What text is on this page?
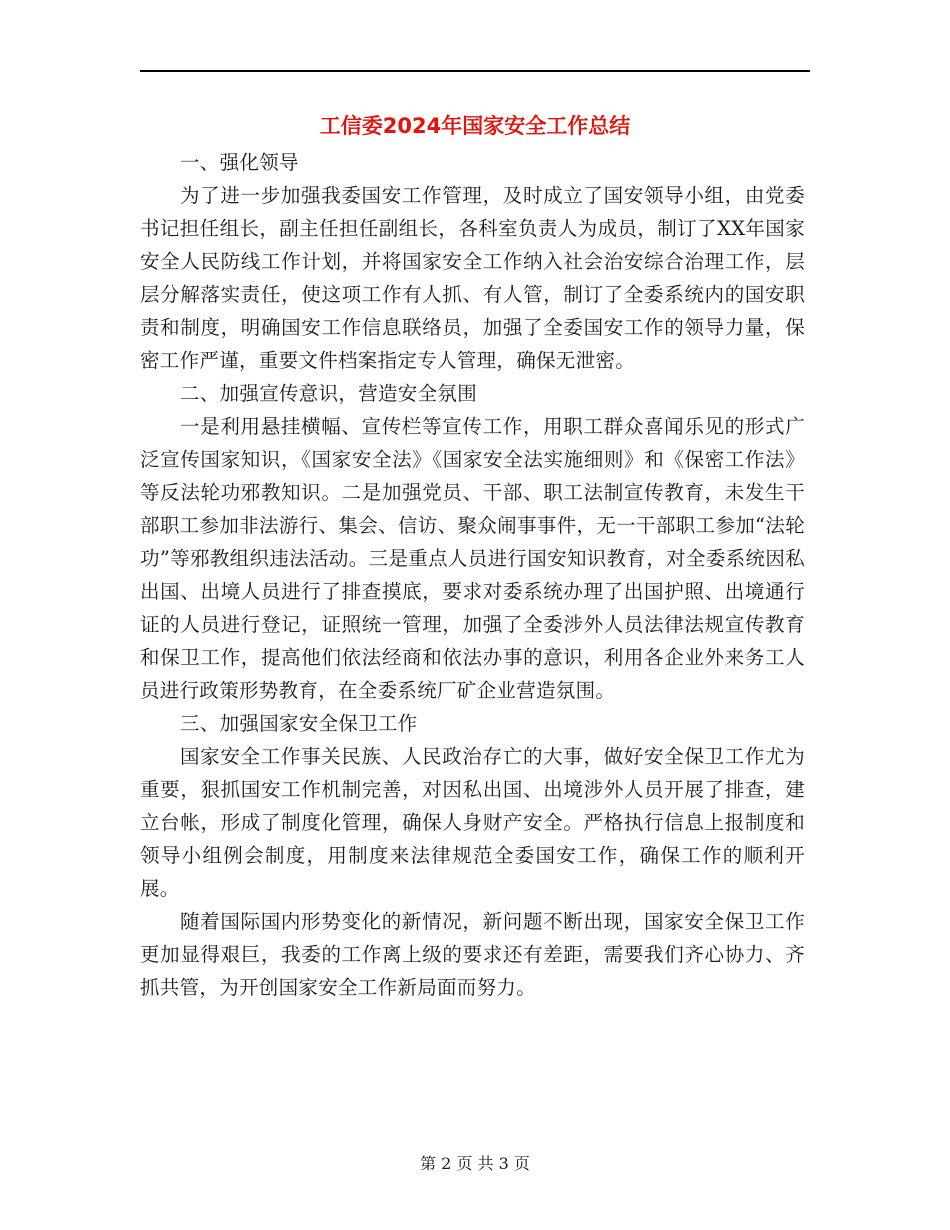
工信委2024年国家安全工作总结

一、强化领导

为了进一步加强我委国安工作管理，及时成立了国安领导小组，由党委书记担任组长，副主任担任副组长，各科室负责人为成员，制订了XX年国家安全人民防线工作计划，并将国家安全工作纳入社会治安综合治理工作，层层分解落实责任，使这项工作有人抓、有人管，制订了全委系统内的国安职责和制度，明确国安工作信息联络员，加强了全委国安工作的领导力量，保密工作严谨，重要文件档案指定专人管理，确保无泄密。

二、加强宣传意识，营造安全氛围

一是利用悬挂横幅、宣传栏等宣传工作，用职工群众喜闻乐见的形式广泛宣传国家知识，《国家安全法》《国家安全法实施细则》和《保密工作法》等反法轮功邪教知识。二是加强党员、干部、职工法制宣传教育，未发生干部职工参加非法游行、集会、信访、聚众闹事事件，无一干部职工参加“法轮功”等邪教组织违法活动。三是重点人员进行国安知识教育，对全委系统因私出国、出境人员进行了排查摸底，要求对委系统办理了出国护照、出境通行证的人员进行登记，证照统一管理，加强了全委涉外人员法律法规宣传教育和保卫工作，提高他们依法经商和依法办事的意识，利用各企业外来务工人员进行政策形势教育，在全委系统厂矿企业营造氛围。

三、加强国家安全保卫工作

国家安全工作事关民族、人民政治存亡的大事，做好安全保卫工作尤为重要，狠抓国安工作机制完善，对因私出国、出境涉外人员开展了排查，建立台帐，形成了制度化管理，确保人身财产安全。严格执行信息上报制度和领导小组例会制度，用制度来法律规范全委国安工作，确保工作的顺利开展。

随着国际国内形势变化的新情况，新问题不断出现，国家安全保卫工作更加显得艰巨，我委的工作离上级的要求还有差距，需要我们齐心协力、齐抓共管，为开创国家安全工作新局面而努力。

第 2 页 共 3 页
